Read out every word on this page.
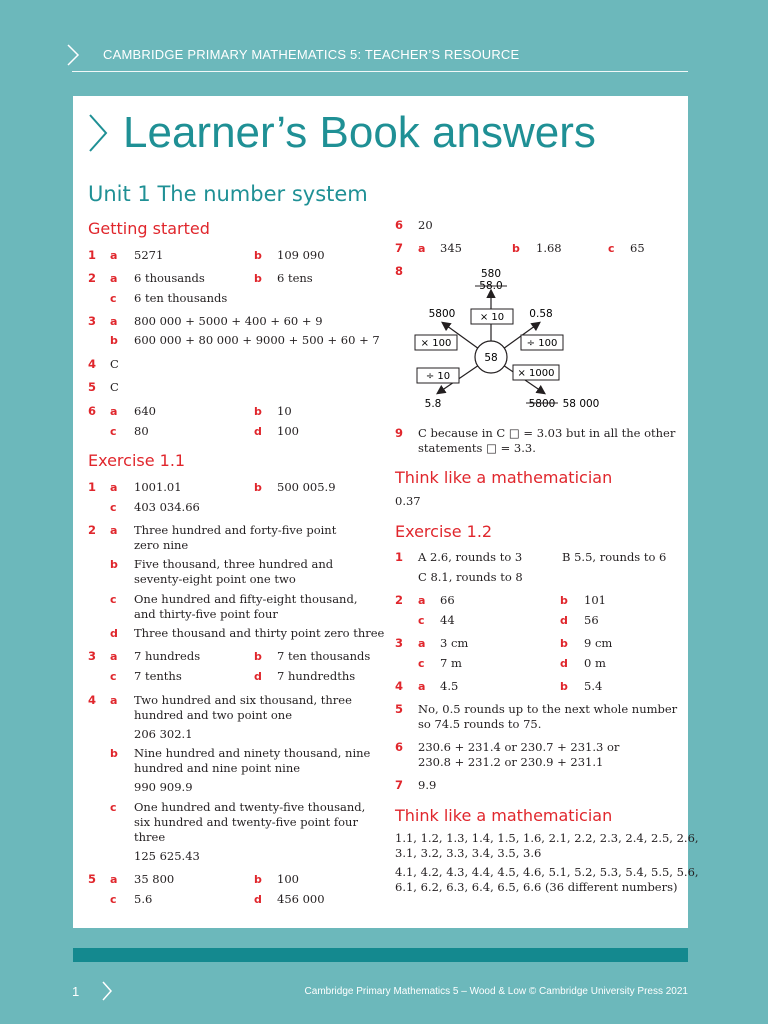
CAMBRIDGE PRIMARY MATHEMATICS 5: TEACHER’S RESOURCE
Learner’s Book answers
Unit 1 The number system
Getting started
1 a 5271	b 109 090
2 a 6 thousands	b 6 tens
c 6 ten thousands
3 a 800 000 + 5000 + 400 + 60 + 9
b 600 000 + 80 000 + 9000 + 500 + 60 + 7
4 C
5 C
6 a 640	b 10
c 80	d 100
Exercise 1.1
1 a 1001.01	b 500 005.9
c 403 034.66
2 a Three hundred and forty-five point
zero nine
b Five thousand, three hundred and
seventy-eight point one two
c One hundred and fifty-eight thousand,
and thirty-five point four
d Three thousand and thirty point zero three
3 a 7 hundreds	b 7 ten thousands
c 7 tenths	d 7 hundredths
4 a Two hundred and six thousand, three
hundred and two point one
206 302.1
b Nine hundred and ninety thousand, nine
hundred and nine point nine
990 909.9
c One hundred and twenty-five thousand,
six hundred and twenty-five point four
three
125 625.43
5 a 35 800	b 100
c 5.6	d 456 000
6 20
7 a 345	b 1.68	c 65
8
58
580
58.0
5800 × 10 0.58
× 100	÷ 100
÷ 10	× 1000
5.8	5800 58 000
9 C because in C □ = 3.03 but in all the other
statements □ = 3.3.
Think like a mathematician
0.37
Exercise 1.2
1 A 2.6, rounds to 3	B 5.5, rounds to 6
C 8.1, rounds to 8
2 a 66	b 101
c 44	d 56
3 a 3 cm	b 9 cm
c 7 m	d 0 m
4 a 4.5	b 5.4
5 No, 0.5 rounds up to the next whole number
so 74.5 rounds to 75.
6 230.6 + 231.4 or 230.7 + 231.3 or
230.8 + 231.2 or 230.9 + 231.1
7 9.9
Think like a mathematician
1.1, 1.2, 1.3, 1.4, 1.5, 1.6, 2.1, 2.2, 2.3, 2.4, 2.5, 2.6,
3.1, 3.2, 3.3, 3.4, 3.5, 3.6
4.1, 4.2, 4.3, 4.4, 4.5, 4.6, 5.1, 5.2, 5.3, 5.4, 5.5, 5.6,
6.1, 6.2, 6.3, 6.4, 6.5, 6.6 (36 different numbers)
1	Cambridge Primary Mathematics 5 – Wood & Low © Cambridge University Press 2021
